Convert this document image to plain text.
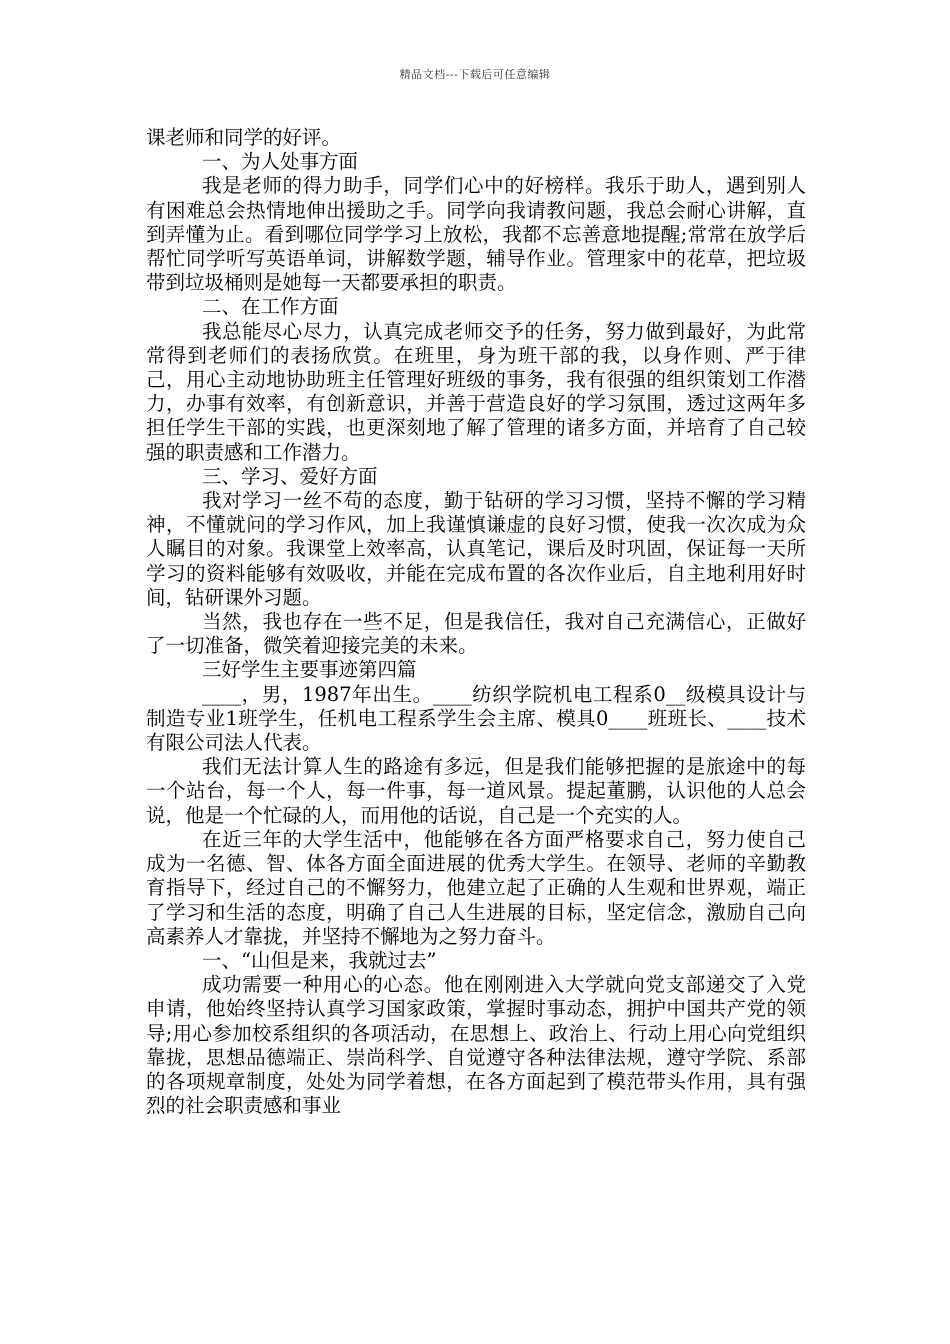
精品文档---下载后可任意编辑

课老师和同学的好评。

一、为人处事方面

我是老师的得力助手，同学们心中的好榜样。我乐于助人，遇到别人有困难总会热情地伸出援助之手。同学向我请教问题，我总会耐心讲解，直到弄懂为止。看到哪位同学学习上放松，我都不忘善意地提醒;常常在放学后帮忙同学听写英语单词，讲解数学题，辅导作业。管理家中的花草，把垃圾带到垃圾桶则是她每一天都要承担的职责。

二、在工作方面

我总能尽心尽力，认真完成老师交予的任务，努力做到最好，为此常常得到老师们的表扬欣赏。在班里，身为班干部的我，以身作则、严于律己，用心主动地协助班主任管理好班级的事务，我有很强的组织策划工作潜力，办事有效率，有创新意识，并善于营造良好的学习氛围，透过这两年多担任学生干部的实践，也更深刻地了解了管理的诸多方面，并培育了自己较强的职责感和工作潜力。

三、学习、爱好方面

我对学习一丝不苟的态度，勤于钻研的学习习惯，坚持不懈的学习精神，不懂就问的学习作风，加上我谨慎谦虚的良好习惯，使我一次次成为众人瞩目的对象。我课堂上效率高，认真笔记，课后及时巩固，保证每一天所学习的资料能够有效吸收，并能在完成布置的各次作业后，自主地利用好时间，钻研课外习题。

当然，我也存在一些不足，但是我信任，我对自己充满信心，正做好了一切准备，微笑着迎接完美的未来。

三好学生主要事迹第四篇

____，男，1987年出生。____纺织学院机电工程系0__级模具设计与制造专业1班学生，任机电工程系学生会主席、模具0____班班长、____技术有限公司法人代表。

我们无法计算人生的路途有多远，但是我们能够把握的是旅途中的每一个站台，每一个人，每一件事，每一道风景。提起董鹏，认识他的人总会说，他是一个忙碌的人，而用他的话说，自己是一个充实的人。

在近三年的大学生活中，他能够在各方面严格要求自己，努力使自己成为一名德、智、体各方面全面进展的优秀大学生。在领导、老师的辛勤教育指导下，经过自己的不懈努力，他建立起了正确的人生观和世界观，端正了学习和生活的态度，明确了自己人生进展的目标，坚定信念，激励自己向高素养人才靠拢，并坚持不懈地为之努力奋斗。

一、“山但是来，我就过去”

成功需要一种用心的心态。他在刚刚进入大学就向党支部递交了入党申请，他始终坚持认真学习国家政策，掌握时事动态，拥护中国共产党的领导;用心参加校系组织的各项活动，在思想上、政治上、行动上用心向党组织靠拢，思想品德端正、崇尚科学、自觉遵守各种法律法规，遵守学院、系部的各项规章制度，处处为同学着想，在各方面起到了模范带头作用，具有强烈的社会职责感和事业
